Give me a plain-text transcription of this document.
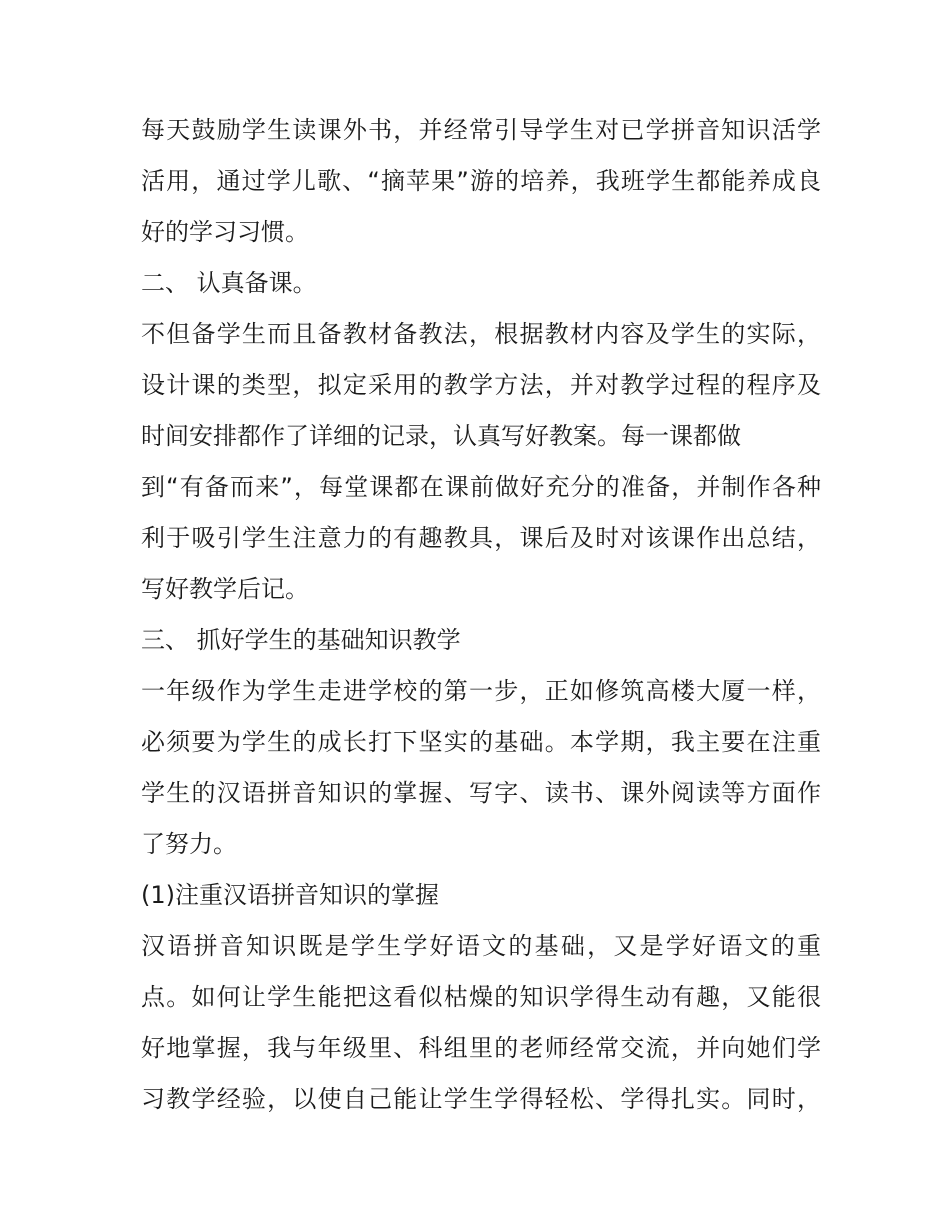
每天鼓励学生读课外书，并经常引导学生对已学拼音知识活学
活用，通过学儿歌、“摘苹果”游的培养，我班学生都能养成良
好的学习习惯。
二、 认真备课。
不但备学生而且备教材备教法，根据教材内容及学生的实际，
设计课的类型，拟定采用的教学方法，并对教学过程的程序及
时间安排都作了详细的记录，认真写好教案。每一课都做
到“有备而来”，每堂课都在课前做好充分的准备，并制作各种
利于吸引学生注意力的有趣教具，课后及时对该课作出总结，
写好教学后记。
三、 抓好学生的基础知识教学
一年级作为学生走进学校的第一步，正如修筑高楼大厦一样，
必须要为学生的成长打下坚实的基础。本学期，我主要在注重
学生的汉语拼音知识的掌握、写字、读书、课外阅读等方面作
了努力。
(1)注重汉语拼音知识的掌握
汉语拼音知识既是学生学好语文的基础，又是学好语文的重
点。如何让学生能把这看似枯燥的知识学得生动有趣，又能很
好地掌握，我与年级里、科组里的老师经常交流，并向她们学
习教学经验，以使自己能让学生学得轻松、学得扎实。同时，
